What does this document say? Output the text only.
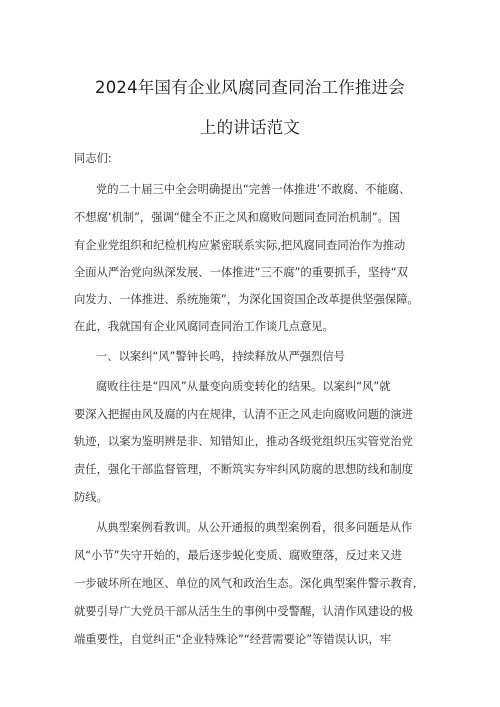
2024年国有企业风腐同查同治工作推进会
上的讲话范文
同志们:
党的二十届三中全会明确提出“完善一体推进’不敢腐、不能腐、
不想腐’机制”，强调“健全不正之风和腐败问题同查同治机制”。国
有企业党组织和纪检机构应紧密联系实际,把风腐同查同治作为推动
全面从严治党向纵深发展、一体推进“三不腐”的重要抓手，坚持“双
向发力、一体推进、系统施策”，为深化国资国企改革提供坚强保障。
在此，我就国有企业风腐同查同治工作谈几点意见。
一、以案纠“风”警钟长鸣，持续释放从严强烈信号
腐败往往是“四风”从量变向质变转化的结果。以案纠“风”就
要深入把握由风及腐的内在规律，认清不正之风走向腐败问题的演进
轨迹，以案为鉴明辨是非、知错知止，推动各级党组织压实管党治党
责任，强化干部监督管理，不断筑实夯牢纠风防腐的思想防线和制度
防线。
从典型案例看教训。从公开通报的典型案例看，很多问题是从作
风“小节”失守开始的，最后逐步蜕化变质、腐败堕落，反过来又进
一步破坏所在地区、单位的风气和政治生态。深化典型案件警示教育,
就要引导广大党员干部从活生生的事例中受警醒，认清作风建设的极
端重要性，自觉纠正“企业特殊论”“经营需要论”等错误认识，牢
